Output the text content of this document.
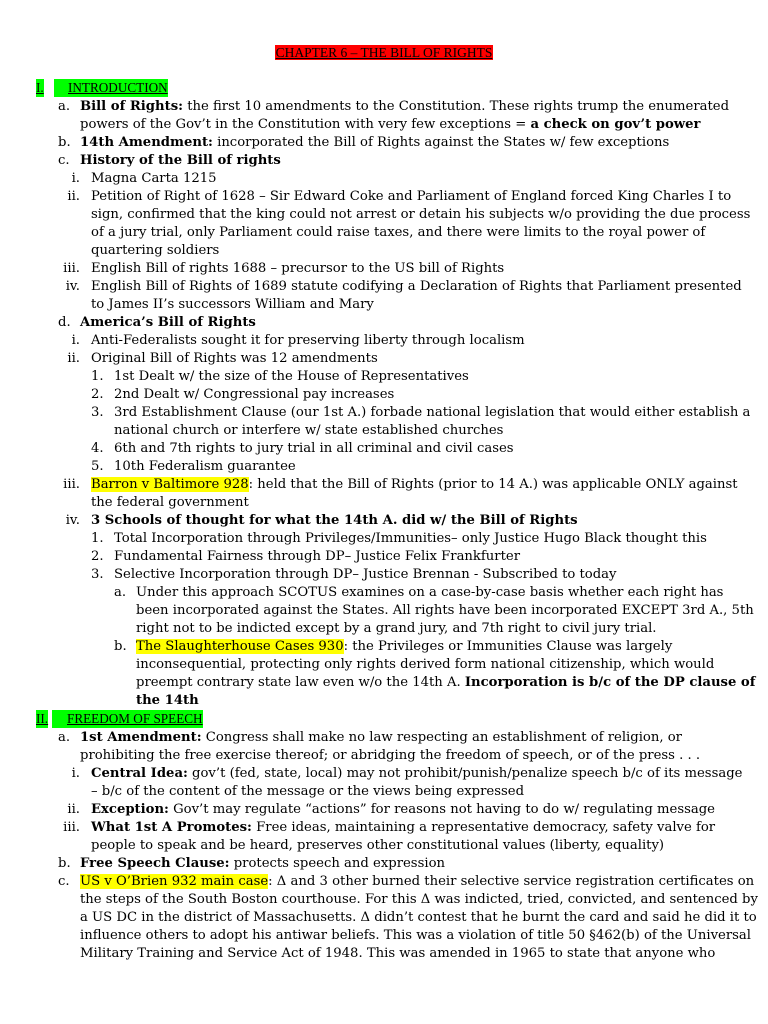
CHAPTER 6 – THE BILL OF RIGHTS
I.	INTRODUCTION
a. Bill of Rights: the first 10 amendments to the Constitution. These rights trump the enumerated
powers of the Gov’t in the Constitution with very few exceptions = a check on gov’t power
b. 14th Amendment: incorporated the Bill of Rights against the States w/ few exceptions
c. History of the Bill of rights
i. Magna Carta 1215
ii. Petition of Right of 1628 – Sir Edward Coke and Parliament of England forced King Charles I to
sign, confirmed that the king could not arrest or detain his subjects w/o providing the due process
of a jury trial, only Parliament could raise taxes, and there were limits to the royal power of
quartering soldiers
iii. English Bill of rights 1688 – precursor to the US bill of Rights
iv. English Bill of Rights of 1689 statute codifying a Declaration of Rights that Parliament presented
to James II’s successors William and Mary
d. America’s Bill of Rights
i. Anti-Federalists sought it for preserving liberty through localism
ii. Original Bill of Rights was 12 amendments
1. 1st Dealt w/ the size of the House of Representatives
2. 2nd Dealt w/ Congressional pay increases
3. 3rd Establishment Clause (our 1st A.) forbade national legislation that would either establish a
national church or interfere w/ state established churches
4. 6th and 7th rights to jury trial in all criminal and civil cases
5. 10th Federalism guarantee
iii. Barron v Baltimore 928: held that the Bill of Rights (prior to 14 A.) was applicable ONLY against
the federal government
iv. 3 Schools of thought for what the 14th A. did w/ the Bill of Rights
1. Total Incorporation through Privileges/Immunities– only Justice Hugo Black thought this
2. Fundamental Fairness through DP– Justice Felix Frankfurter
3. Selective Incorporation through DP– Justice Brennan - Subscribed to today
a. Under this approach SCOTUS examines on a case-by-case basis whether each right has
been incorporated against the States. All rights have been incorporated EXCEPT 3rd A., 5th
right not to be indicted except by a grand jury, and 7th right to civil jury trial.
b. The Slaughterhouse Cases 930: the Privileges or Immunities Clause was largely
inconsequential, protecting only rights derived form national citizenship, which would
preempt contrary state law even w/o the 14th A. Incorporation is b/c of the DP clause of
the 14th
II.	FREEDOM OF SPEECH
a. 1st Amendment: Congress shall make no law respecting an establishment of religion, or
prohibiting the free exercise thereof; or abridging the freedom of speech, or of the press . . .
i. Central Idea: gov’t (fed, state, local) may not prohibit/punish/penalize speech b/c of its message
– b/c of the content of the message or the views being expressed
ii. Exception: Gov’t may regulate “actions” for reasons not having to do w/ regulating message
iii. What 1st A Promotes: Free ideas, maintaining a representative democracy, safety valve for
people to speak and be heard, preserves other constitutional values (liberty, equality)
b. Free Speech Clause: protects speech and expression
c. US v O’Brien 932 main case: Δ and 3 other burned their selective service registration certificates on
the steps of the South Boston courthouse. For this Δ was indicted, tried, convicted, and sentenced by
a US DC in the district of Massachusetts. Δ didn’t contest that he burnt the card and said he did it to
influence others to adopt his antiwar beliefs. This was a violation of title 50 §462(b) of the Universal
Military Training and Service Act of 1948. This was amended in 1965 to state that anyone who
